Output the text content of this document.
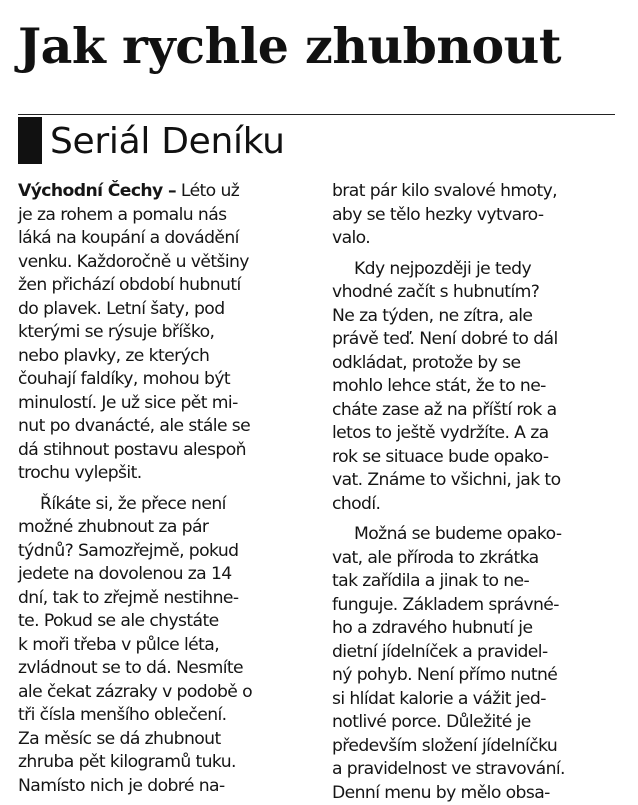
Jak rychle zhubnout
Seriál Deníku
Východní Čechy – Léto už
je za rohem a pomalu nás
láká na koupání a dovádění
venku. Každoročně u většiny
žen přichází období hubnutí
do plavek. Letní šaty, pod
kterými se rýsuje bříško,
nebo plavky, ze kterých
čouhají faldíky, mohou být
minulostí. Je už sice pět mi-
nut po dvanácté, ale stále se
dá stihnout postavu alespoň
trochu vylepšit.
Říkáte si, že přece není
možné zhubnout za pár
týdnů? Samozřejmě, pokud
jedete na dovolenou za 14
dní, tak to zřejmě nestihne-
te. Pokud se ale chystáte
k moři třeba v půlce léta,
zvládnout se to dá. Nesmíte
ale čekat zázraky v podobě o
tři čísla menšího oblečení.
Za měsíc se dá zhubnout
zhruba pět kilogramů tuku.
Namísto nich je dobré na-
brat pár kilo svalové hmoty,
aby se tělo hezky vytvaro-
valo.
Kdy nejpozději je tedy
vhodné začít s hubnutím?
Ne za týden, ne zítra, ale
právě teď. Není dobré to dál
odkládat, protože by se
mohlo lehce stát, že to ne-
cháte zase až na příští rok a
letos to ještě vydržíte. A za
rok se situace bude opako-
vat. Známe to všichni, jak to
chodí.
Možná se budeme opako-
vat, ale příroda to zkrátka
tak zařídila a jinak to ne-
funguje. Základem správné-
ho a zdravého hubnutí je
dietní jídelníček a pravidel-
ný pohyb. Není přímo nutné
si hlídat kalorie a vážit jed-
notlivé porce. Důležité je
především složení jídelníčku
a pravidelnost ve stravování.
Denní menu by mělo obsa-
